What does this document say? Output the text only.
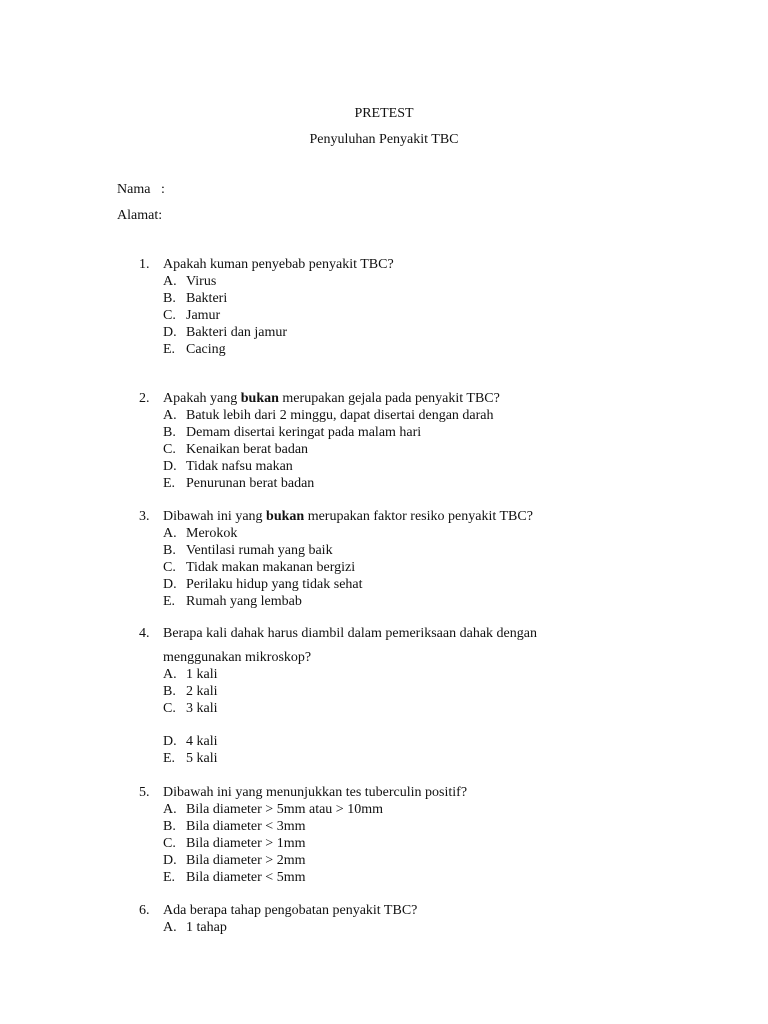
PRETEST
Penyuluhan Penyakit TBC
Nama :
Alamat:
1. Apakah kuman penyebab penyakit TBC?
A. Virus
B. Bakteri
C. Jamur
D. Bakteri dan jamur
E. Cacing
2. Apakah yang bukan merupakan gejala pada penyakit TBC?
A. Batuk lebih dari 2 minggu, dapat disertai dengan darah
B. Demam disertai keringat pada malam hari
C. Kenaikan berat badan
D. Tidak nafsu makan
E. Penurunan berat badan
3. Dibawah ini yang bukan merupakan faktor resiko penyakit TBC?
A. Merokok
B. Ventilasi rumah yang baik
C. Tidak makan makanan bergizi
D. Perilaku hidup yang tidak sehat
E. Rumah yang lembab
4. Berapa kali dahak harus diambil dalam pemeriksaan dahak dengan
menggunakan mikroskop?
A. 1 kali
B. 2 kali
C. 3 kali
D. 4 kali
E. 5 kali
5. Dibawah ini yang menunjukkan tes tuberculin positif?
A. Bila diameter > 5mm atau > 10mm
B. Bila diameter < 3mm
C. Bila diameter > 1mm
D. Bila diameter > 2mm
E. Bila diameter < 5mm
6. Ada berapa tahap pengobatan penyakit TBC?
A. 1 tahap
